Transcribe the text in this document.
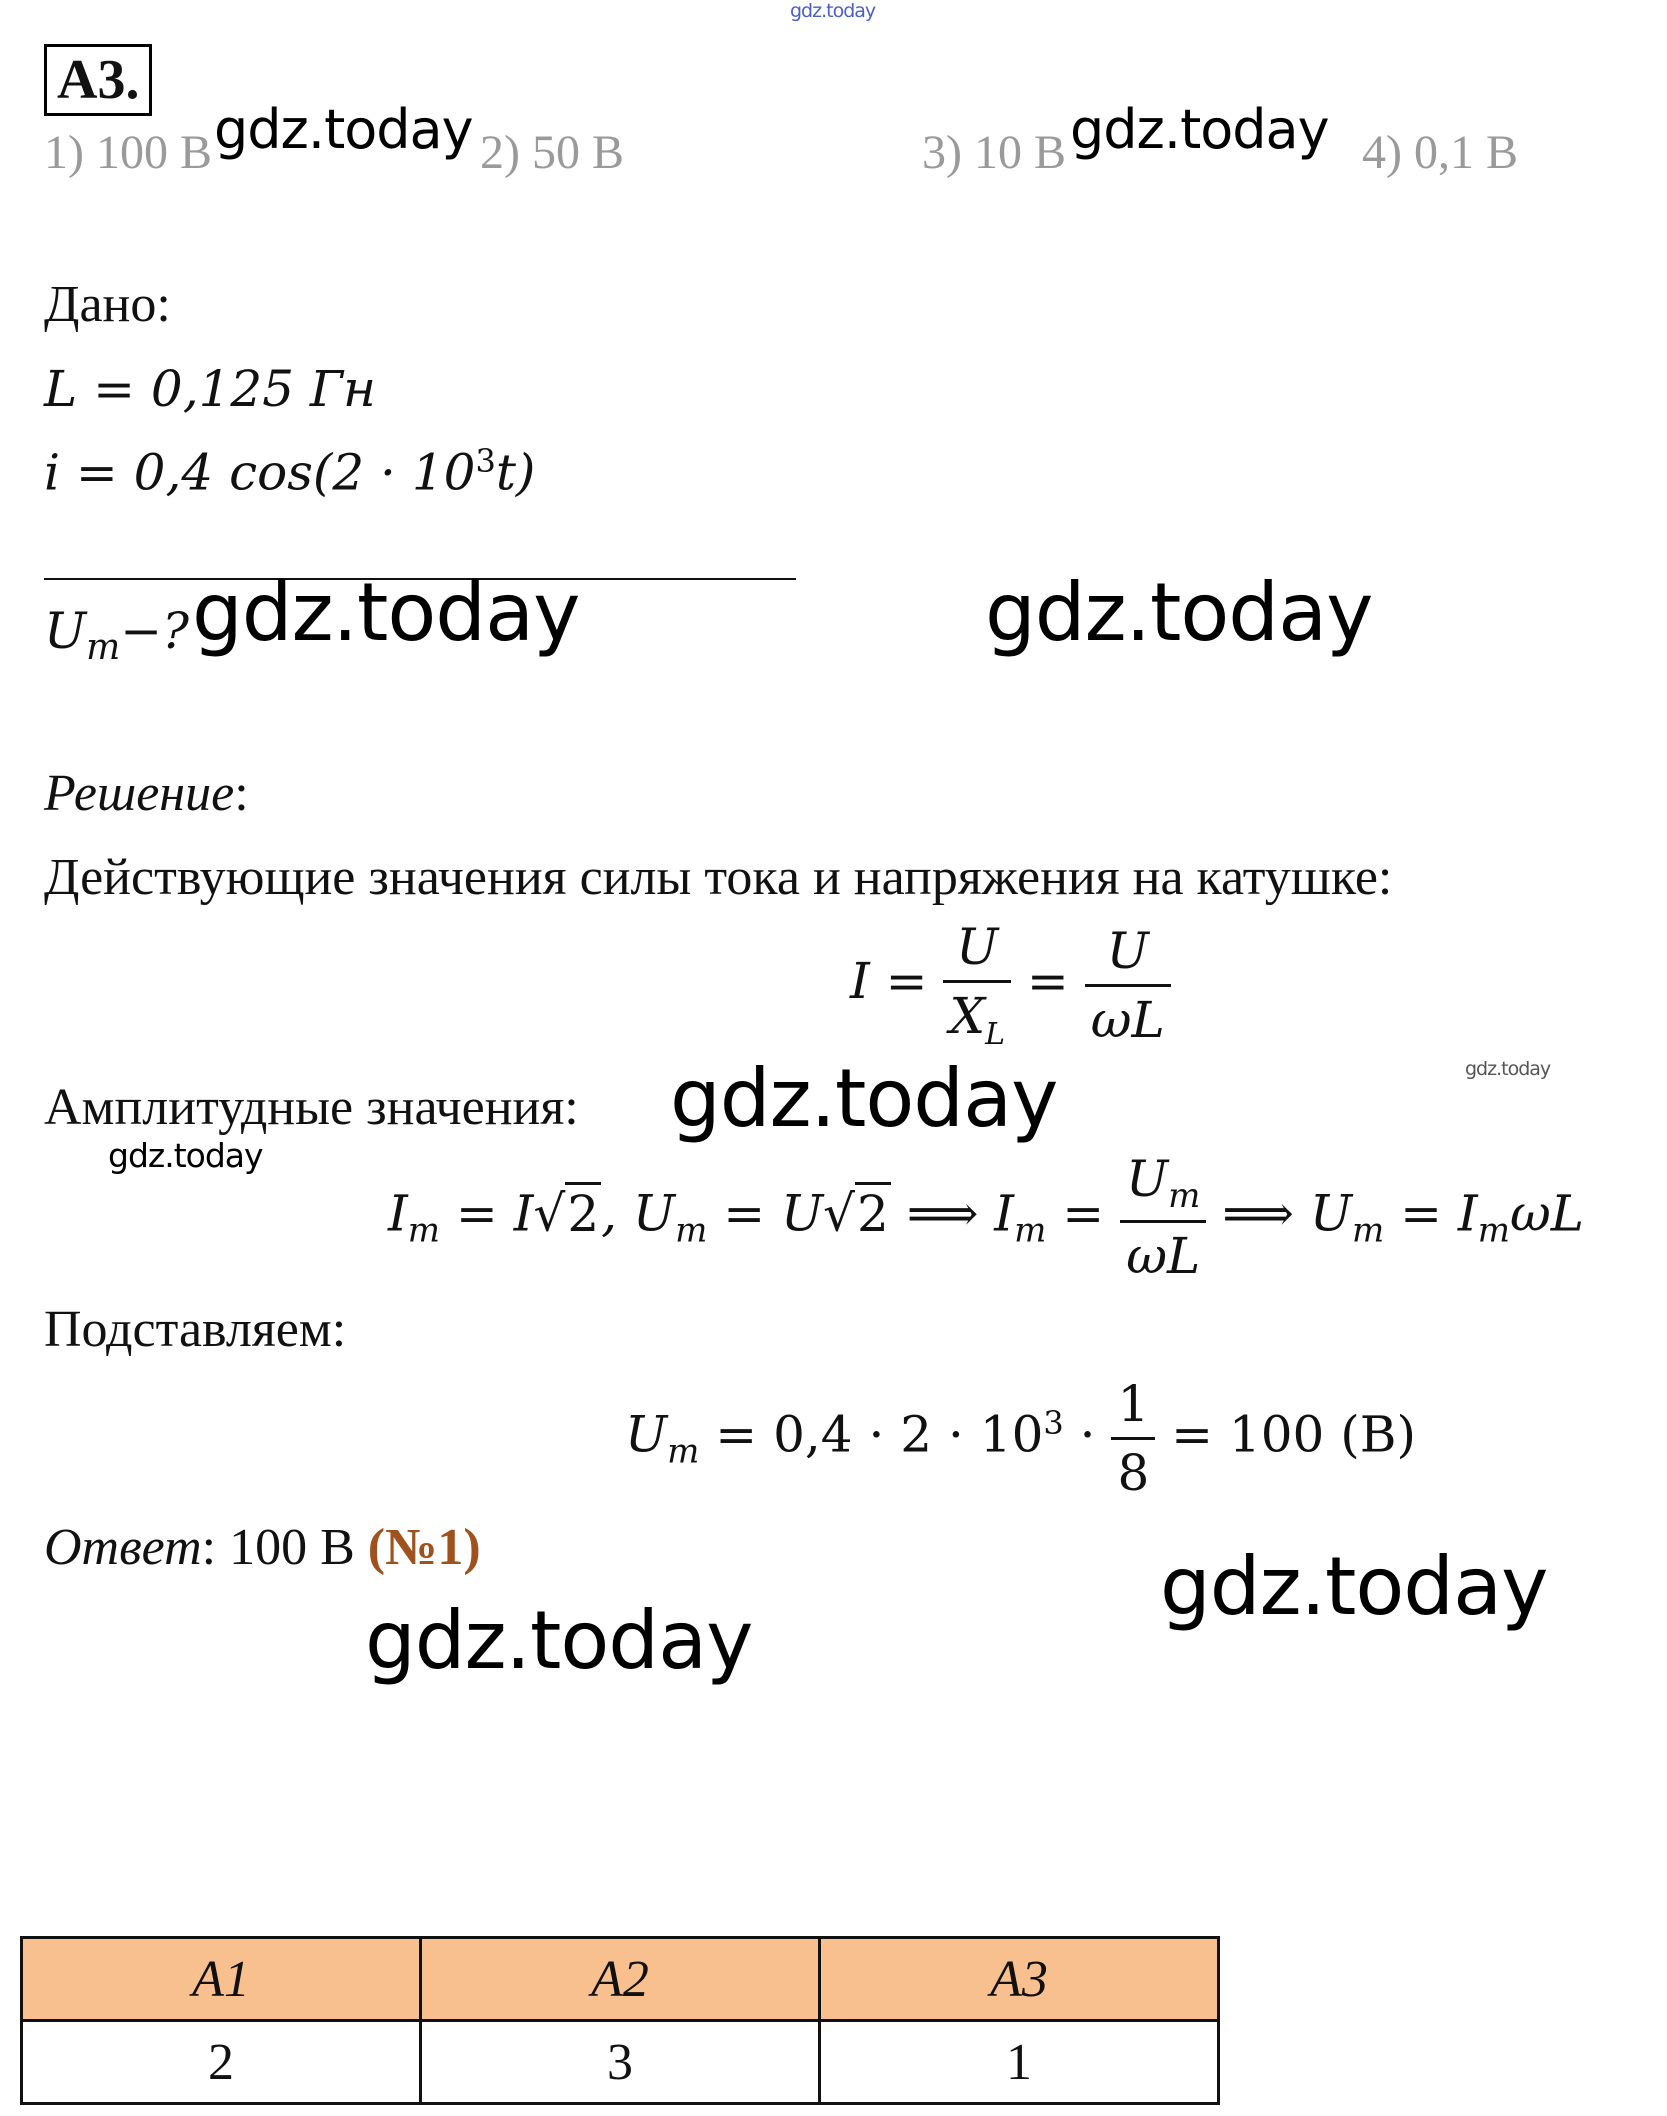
gdz.today
А3.
1) 100 В gdz.today 2) 50 В	3) 10 В gdz.today 4) 0,1 В
Дано:
L = 0,125 Гн
i = 0,4 $\cos(2 \cdot 10^3t)$
$U_m-$? gdz.today	gdz.today
Решение:
Действующие значения силы тока и напряжения на катушке:
$I = \frac{U}{X_L} = \frac{U}{\omega L}$
Амплитудные значения: gdz.today
gdz.today
gdz.today
$I_m = I√2$, $U_m = U√2$ ⟹ $I_m = \frac{U_m}{\omega L}$ ⟹ $U_m = I_m\omega L$
Подставляем:
$U_m = 0,4 \cdot 2 \cdot 10^3 \cdot \frac{1}{8} = 100$ (В)
Ответ: 100 В (№1)	gdz.today
gdz.today
А1	А2	А3
2	3	1
